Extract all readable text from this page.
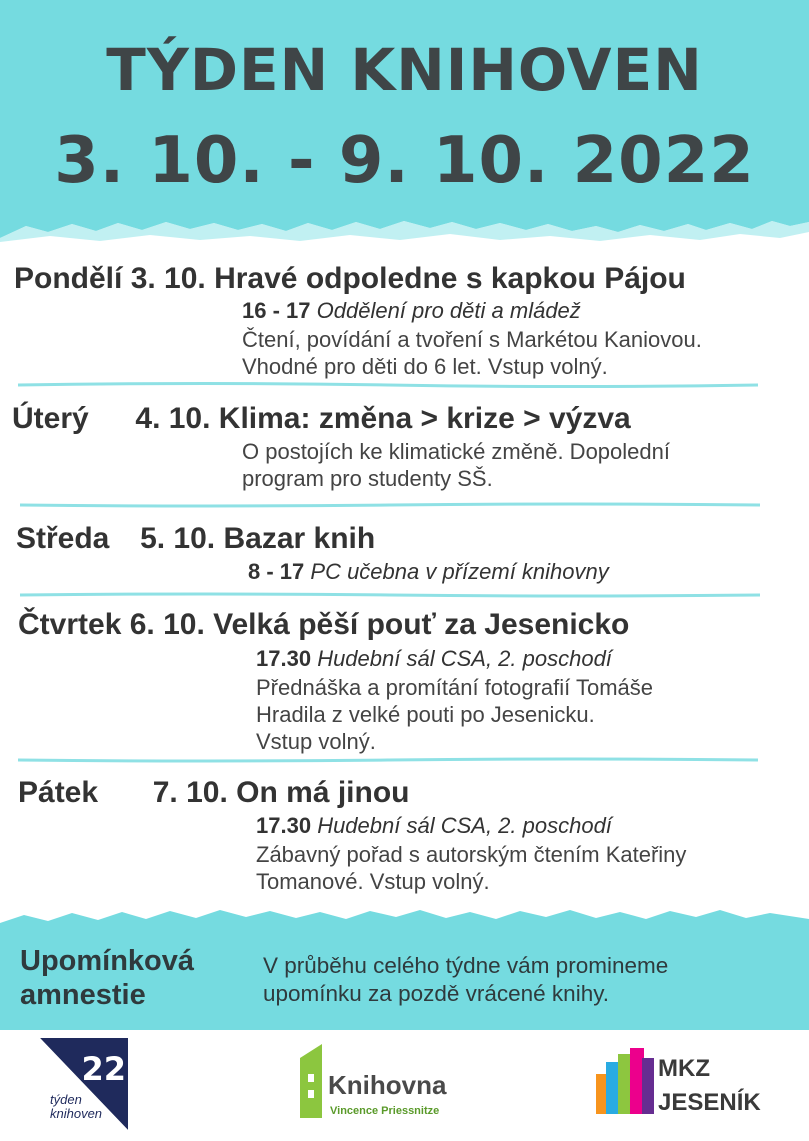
TÝDEN KNIHOVEN
3. 10. - 9. 10. 2022
Pondělí 3. 10. Hravé odpoledne s kapkou Pájou
16 - 17 Oddělení pro děti a mládež
Čtení, povídání a tvoření s Markétou Kaniovou.
Vhodné pro děti do 6 let. Vstup volný.
Úterý 4. 10. Klima: změna > krize > výzva
O postojích ke klimatické změně. Dopolední
program pro studenty SŠ.
Středa 5. 10. Bazar knih
8 - 17 PC učebna v přízemí knihovny
Čtvrtek 6. 10. Velká pěší pouť za Jesenicko
17.30 Hudební sál CSA, 2. poschodí
Přednáška a promítání fotografií Tomáše
Hradila z velké pouti po Jesenicku.
Vstup volný.
Pátek 7. 10. On má jinou
17.30 Hudební sál CSA, 2. poschodí
Zábavný pořad s autorským čtením Kateřiny
Tomanové. Vstup volný.
Upomínková
amnestie
V průběhu celého týdne vám promineme
upomínku za pozdě vrácené knihy.
22
týden
knihoven
Knihovna
Vincence Priessnitze
MKZ
JESENÍK
